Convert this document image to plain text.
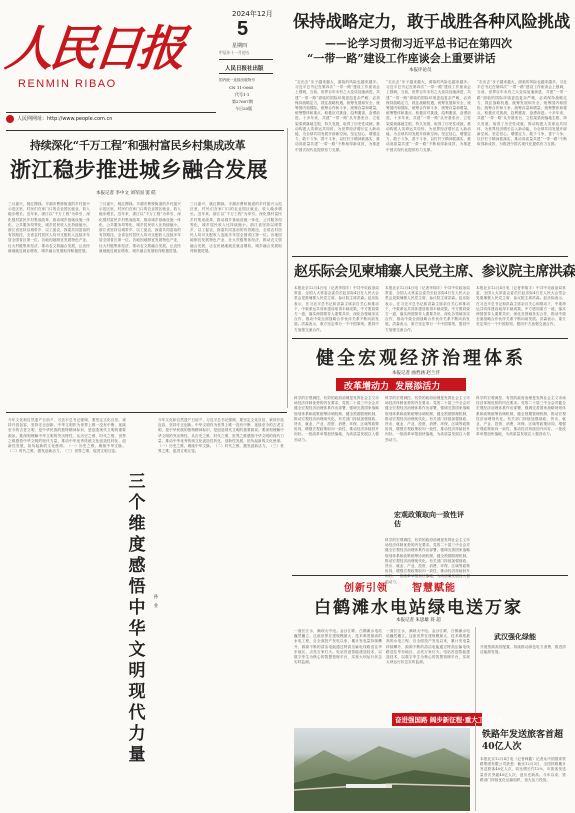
人民日报
RENMIN RIBAO
2024年12月
5
星期四
甲辰年十一月初五
人民日报社出版
国内统一连续出版物号
CN 11-0065
代号1-1
第27607期
今日20版
人民网网址：http://www.people.com.cn
保持战略定力，敢于战胜各种风险挑战
——论学习贯彻习近平总书记在第四次
“一带一路”建设工作座谈会上重要讲话
本报评论员
“走出去”步子越来越大，面临的风险也越来越多。习近平总书记在第四次“一带一路”建设工作座谈会上强调，当前，世界百年未有之大变局加速演进，共建“一带一路”面临的国际环境更趋复杂严峻，必须保持战略定力，抓住战略机遇，统筹发展和安全，统筹国内和国际，统筹合作和斗争，统筹存量和增量，统筹整体和重点，积极应对挑战，趋利避害，奋勇前进。十多年来，共建“一带一路”从夯基垒台、立柱架梁到落地生根、持久发展，取得了历史性成就，推动构建人类命运共同体，为世界经济增长注入新动能，为全球共同发展开辟新空间。坚定信心，增强定力，敢于斗争，善于斗争，以钉钉子精神抓落实，推动高质量共建“一带一路”不断取得新成效，为推进中国式现代化提供有力支撑。
“走出去”步子越来越大，面临的风险也越来越多。习近平总书记在第四次“一带一路”建设工作座谈会上强调，当前，世界百年未有之大变局加速演进，共建“一带一路”面临的国际环境更趋复杂严峻，必须保持战略定力，抓住战略机遇，统筹发展和安全，统筹国内和国际，统筹合作和斗争，统筹存量和增量，统筹整体和重点，积极应对挑战，趋利避害，奋勇前进。十多年来，共建“一带一路”从夯基垒台、立柱架梁到落地生根、持久发展，取得了历史性成就，推动构建人类命运共同体，为世界经济增长注入新动能，为全球共同发展开辟新空间。坚定信心，增强定力，敢于斗争，善于斗争，以钉钉子精神抓落实，推动高质量共建“一带一路”不断取得新成效，为推进中国式现代化提供有力支撑。
“走出去”步子越来越大，面临的风险也越来越多。习近平总书记在第四次“一带一路”建设工作座谈会上强调，当前，世界百年未有之大变局加速演进，共建“一带一路”面临的国际环境更趋复杂严峻，必须保持战略定力，抓住战略机遇，统筹发展和安全，统筹国内和国际，统筹合作和斗争，统筹存量和增量，统筹整体和重点，积极应对挑战，趋利避害，奋勇前进。十多年来，共建“一带一路”从夯基垒台、立柱架梁到落地生根、持久发展，取得了历史性成就，推动构建人类命运共同体，为世界经济增长注入新动能，为全球共同发展开辟新空间。坚定信心，增强定力，敢于斗争，善于斗争，以钉钉子精神抓落实，推动高质量共建“一带一路”不断取得新成效，为推进中国式现代化提供有力支撑。
持续深化“千万工程”和强村富民乡村集成改革
浙江稳步推进城乡融合发展
本报记者 李中文 刘军国 窦 皓
三月嘉兴，桃红柳绿。平湖市曹桥街道的乡村振兴示范区里，村民们在家门口的农业园区就业，收入稳步增长。近年来，浙江以“千万工程”为牵引，深化强村富民乡村集成改革，推动城乡基础设施一体化、公共服务均等化，城乡居民收入比持续缩小。浙江省坚持以城带乡、以工促农，探索共同富裕的有效路径，全省农村居民人均可支配收入连续多年居全国省区第一位。各地因地制宜发展特色产业，壮大村级集体经济，推动农文旅融合发展，让农民就地就近就业增收，城乡融合发展取得积极进展。
三月嘉兴，桃红柳绿。平湖市曹桥街道的乡村振兴示范区里，村民们在家门口的农业园区就业，收入稳步增长。近年来，浙江以“千万工程”为牵引，深化强村富民乡村集成改革，推动城乡基础设施一体化、公共服务均等化，城乡居民收入比持续缩小。浙江省坚持以城带乡、以工促农，探索共同富裕的有效路径，全省农村居民人均可支配收入连续多年居全国省区第一位。各地因地制宜发展特色产业，壮大村级集体经济，推动农文旅融合发展，让农民就地就近就业增收，城乡融合发展取得积极进展。
三月嘉兴，桃红柳绿。平湖市曹桥街道的乡村振兴示范区里，村民们在家门口的农业园区就业，收入稳步增长。近年来，浙江以“千万工程”为牵引，深化强村富民乡村集成改革，推动城乡基础设施一体化、公共服务均等化，城乡居民收入比持续缩小。浙江省坚持以城带乡、以工促农，探索共同富裕的有效路径，全省农村居民人均可支配收入连续多年居全国省区第一位。各地因地制宜发展特色产业，壮大村级集体经济，推动农文旅融合发展，让农民就地就近就业增收，城乡融合发展取得积极进展。
赵乐际会见柬埔寨人民党主席、参议院主席洪森
本报北京12月4日电（记者李翔宇）中共中央政治局常委、全国人大常委会委员长赵乐际4日在人民大会堂会见柬埔寨人民党主席、参议院主席洪森。赵乐际表示，在习近平总书记和洪森主席亲自关心和推动下，中柬命运共同体建设取得丰硕成果。中方愿同柬方一道，落实两国领导人重要共识，深化各领域务实合作，推动中柬全面战略合作伙伴关系不断向前发展。洪森表示，柬方坚定奉行一个中国原则，愿同中方加强交流合作。
本报北京12月4日电（记者李翔宇）中共中央政治局常委、全国人大常委会委员长赵乐际4日在人民大会堂会见柬埔寨人民党主席、参议院主席洪森。赵乐际表示，在习近平总书记和洪森主席亲自关心和推动下，中柬命运共同体建设取得丰硕成果。中方愿同柬方一道，落实两国领导人重要共识，深化各领域务实合作，推动中柬全面战略合作伙伴关系不断向前发展。洪森表示，柬方坚定奉行一个中国原则，愿同中方加强交流合作。
本报北京12月4日电（记者李翔宇）中共中央政治局常委、全国人大常委会委员长赵乐际4日在人民大会堂会见柬埔寨人民党主席、参议院主席洪森。赵乐际表示，在习近平总书记和洪森主席亲自关心和推动下，中柬命运共同体建设取得丰硕成果。中方愿同柬方一道，落实两国领导人重要共识，深化各领域务实合作，推动中柬全面战略合作伙伴关系不断向前发展。洪森表示，柬方坚定奉行一个中国原则，愿同中方加强交流合作。
健全宏观经济治理体系
本报记者 曲哲涵 赵兰沣
改革增动力  发展添活力
科学的宏观调控、有效的政府治理是发挥社会主义市场经济体制优势的内在要求。党的二十届三中全会对健全宏观经济治理体系作出部署，强调完善国家战略规划体系和政策统筹协调机制，健全预期管理机制，推动宏观经济治理现代化。有关部门持续加强财政、货币、就业、产业、投资、消费、环保、区域等政策协同，增强宏观政策取向一致性，推动经济持续回升向好。一批改革举措加快落地，为高质量发展注入强劲动力。
科学的宏观调控、有效的政府治理是发挥社会主义市场经济体制优势的内在要求。党的二十届三中全会对健全宏观经济治理体系作出部署，强调完善国家战略规划体系和政策统筹协调机制，健全预期管理机制，推动宏观经济治理现代化。有关部门持续加强财政、货币、就业、产业、投资、消费、环保、区域等政策协同，增强宏观政策取向一致性，推动经济持续回升向好。一批改革举措加快落地，为高质量发展注入强劲动力。
宏观政策取向一致性评估
科学的宏观调控、有效的政府治理是发挥社会主义市场经济体制优势的内在要求。党的二十届三中全会对健全宏观经济治理体系作出部署，强调完善国家战略规划体系和政策统筹协调机制，健全预期管理机制，推动宏观经济治理现代化。有关部门持续加强财政、货币、就业、产业、投资、消费、环保、区域等政策协同，增强宏观政策取向一致性，推动经济持续回升向好。一批改革举措加快落地，为高质量发展注入强劲动力。
科学的宏观调控、有效的政府治理是发挥社会主义市场经济体制优势的内在要求。党的二十届三中全会对健全宏观经济治理体系作出部署，强调完善国家战略规划体系和政策统筹协调机制，健全预期管理机制，推动宏观经济治理现代化。有关部门持续加强财政、货币、就业、产业、投资、消费、环保、区域等政策协同，增强宏观政策取向一致性，推动经济持续回升向好。一批改革举措加快落地，为高质量发展注入强劲动力。
今年文化和自然遗产日前夕，习近平总书记强调，要坚定文化自信，秉持开放包容，坚持守正创新。中华文明作为世界上唯一没有中断、延续至今的古老文明，是中华民族的独特精神标识，是创造现代文明的重要源泉。要深刻理解中华文明的突出特性，从历史之维、时代之维、世界之维感悟中华文明的现代力量，推动中华优秀传统文化创造性转化、创新性发展，担负起新的文化使命。（一）历史之维，赓续中华文脉。（二）时代之维，激发创新活力。（三）世界之维，促进文明互鉴。
三个维度感悟中华文明现代力量
孙　业
今年文化和自然遗产日前夕，习近平总书记强调，要坚定文化自信，秉持开放包容，坚持守正创新。中华文明作为世界上唯一没有中断、延续至今的古老文明，是中华民族的独特精神标识，是创造现代文明的重要源泉。要深刻理解中华文明的突出特性，从历史之维、时代之维、世界之维感悟中华文明的现代力量，推动中华优秀传统文化创造性转化、创新性发展，担负起新的文化使命。（一）历史之维，赓续中华文脉。（二）时代之维，激发创新活力。（三）世界之维，促进文明互鉴。
创新引领 智慧赋能
白鹤滩水电站绿电送万家
本报记者 朱思雄 蒋 超
一面长江水，满坝大中电。金沙江畔，白鹤滩水电站巍然矗立。这座世界在建规模最大、技术难度最高的水电工程，自全面投产发电以来，累计发电量持续攀升，源源不断的清洁电能通过特高压输电线路送往华东地区，点亮万家灯火。电站首创智能建造技术，以数字孪生为核心的智慧管理平台，实现大坝运行状态实时监测。
一面长江水，满坝大中电。金沙江畔，白鹤滩水电站巍然矗立。这座世界在建规模最大、技术难度最高的水电工程，自全面投产发电以来，累计发电量持续攀升，源源不断的清洁电能通过特高压输电线路送往华东地区，点亮万家灯火。电站首创智能建造技术，以数字孪生为核心的智慧管理平台，实现大坝运行状态实时监测。
武汉强化绿能
开展资源高效配置，持续推动绿色电力消费，推进清洁能源发展。
奋进强国路 阔步新征程·重大工程巡礼
铁路年发送旅客首超40亿人次
本报北京12月4日电（记者韩鑫）记者从中国国家铁路集团有限公司获悉：截至12月3日，全国铁路累计发送旅客40亿人次，同比增长约12%，年旅客发送量首次突破40亿人次，创历史新高。今年以来，铁路部门持续优化运输组织，加大运力投放。
